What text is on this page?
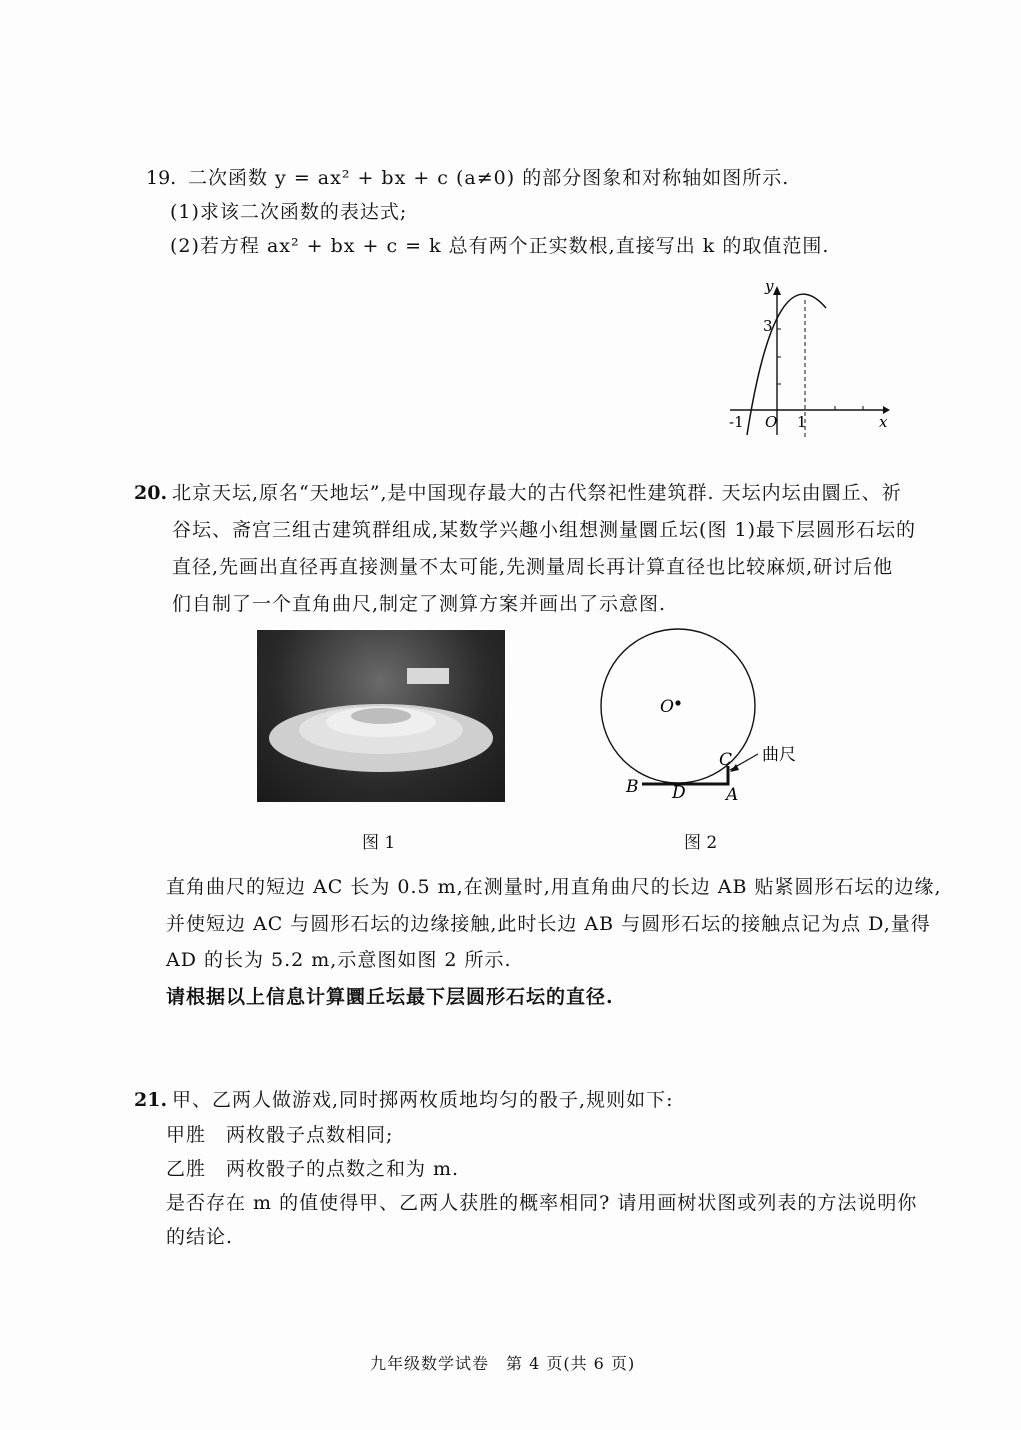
19. 二次函数 y = ax² + bx + c (a≠0) 的部分图象和对称轴如图所示.
(1)求该二次函数的表达式;
(2)若方程 ax² + bx + c = k 总有两个正实数根,直接写出 k 的取值范围.
y
x
3
-1 O 1
20. 北京天坛,原名“天地坛”,是中国现存最大的古代祭祀性建筑群. 天坛内坛由圜丘、祈
谷坛、斋宫三组古建筑群组成,某数学兴趣小组想测量圜丘坛(图 1)最下层圆形石坛的
直径,先画出直径再直接测量不太可能,先测量周长再计算直径也比较麻烦,研讨后他
们自制了一个直角曲尺,制定了测算方案并画出了示意图.
O
C
B D A
曲尺
图 1	图 2
直角曲尺的短边 AC 长为 0.5 m,在测量时,用直角曲尺的长边 AB 贴紧圆形石坛的边缘,
并使短边 AC 与圆形石坛的边缘接触,此时长边 AB 与圆形石坛的接触点记为点 D,量得
AD 的长为 5.2 m,示意图如图 2 所示.
请根据以上信息计算圜丘坛最下层圆形石坛的直径.
21. 甲、乙两人做游戏,同时掷两枚质地均匀的骰子,规则如下:
甲胜　两枚骰子点数相同;
乙胜　两枚骰子的点数之和为 m.
是否存在 m 的值使得甲、乙两人获胜的概率相同? 请用画树状图或列表的方法说明你
的结论.
九年级数学试卷　第 4 页(共 6 页)
